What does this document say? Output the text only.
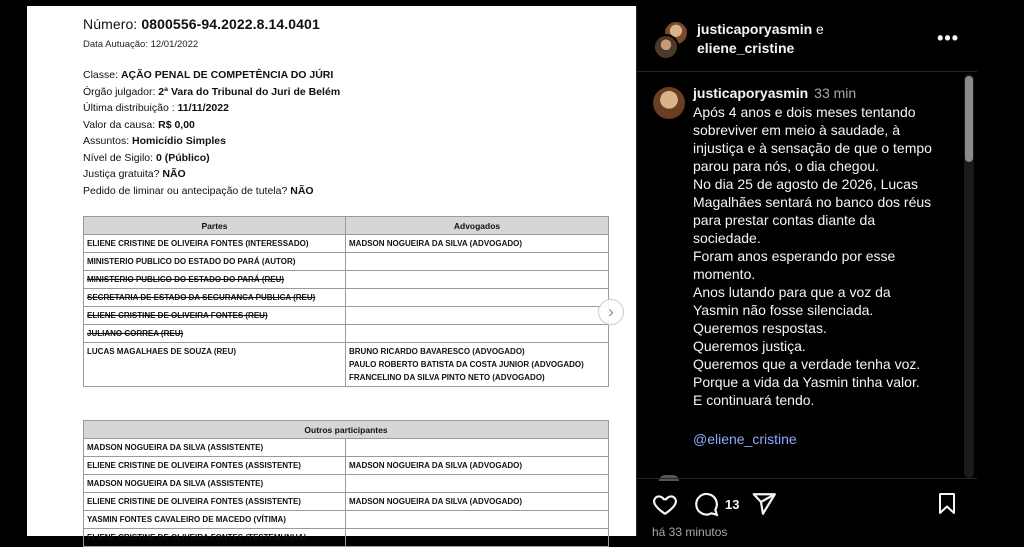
Número: 0800556-94.2022.8.14.0401
Data Autuação: 12/01/2022
Classe: AÇÃO PENAL DE COMPETÊNCIA DO JÚRI
Órgão julgador: 2ª Vara do Tribunal do Juri de Belém
Última distribuição : 11/11/2022
Valor da causa: R$ 0,00
Assuntos: Homicídio Simples
Nível de Sigilo: 0 (Público)
Justiça gratuita? NÃO
Pedido de liminar ou antecipação de tutela? NÃO
Partes	Advogados
ELIENE CRISTINE DE OLIVEIRA FONTES (INTERESSADO)	MADSON NOGUEIRA DA SILVA (ADVOGADO)
MINISTERIO PUBLICO DO ESTADO DO PARÁ (AUTOR)	
MINISTERIO PUBLICO DO ESTADO DO PARÁ (REU)	
SECRETARIA DE ESTADO DA SEGURANCA PUBLICA (REU)	
ELIENE CRISTINE DE OLIVEIRA FONTES (REU)	
JULIANO CORREA (REU)	
LUCAS MAGALHAES DE SOUZA (REU)	BRUNO RICARDO BAVARESCO (ADVOGADO)
PAULO ROBERTO BATISTA DA COSTA JUNIOR (ADVOGADO)
FRANCELINO DA SILVA PINTO NETO (ADVOGADO)
Outros participantes	
MADSON NOGUEIRA DA SILVA (ASSISTENTE)	
ELIENE CRISTINE DE OLIVEIRA FONTES (ASSISTENTE)	MADSON NOGUEIRA DA SILVA (ADVOGADO)
MADSON NOGUEIRA DA SILVA (ASSISTENTE)	
ELIENE CRISTINE DE OLIVEIRA FONTES (ASSISTENTE)	MADSON NOGUEIRA DA SILVA (ADVOGADO)
YASMIN FONTES CAVALEIRO DE MACEDO (VÍTIMA)	
ELIENE CRISTINE DE OLIVEIRA FONTES (TESTEMUNHA)	
›
justicaporyasmin e
eliene_cristine	•••
justicaporyasmin 33 min
Após 4 anos e dois meses tentando
sobreviver em meio à saudade, à
injustiça e à sensação de que o tempo
parou para nós, o dia chegou.
No dia 25 de agosto de 2026, Lucas
Magalhães sentará no banco dos réus
para prestar contas diante da
sociedade.
Foram anos esperando por esse
momento.
Anos lutando para que a voz da
Yasmin não fosse silenciada.
Queremos respostas.
Queremos justiça.
Queremos que a verdade tenha voz.
Porque a vida da Yasmin tinha valor.
E continuará tendo.
@eliene_cristine
13
há 33 minutos
